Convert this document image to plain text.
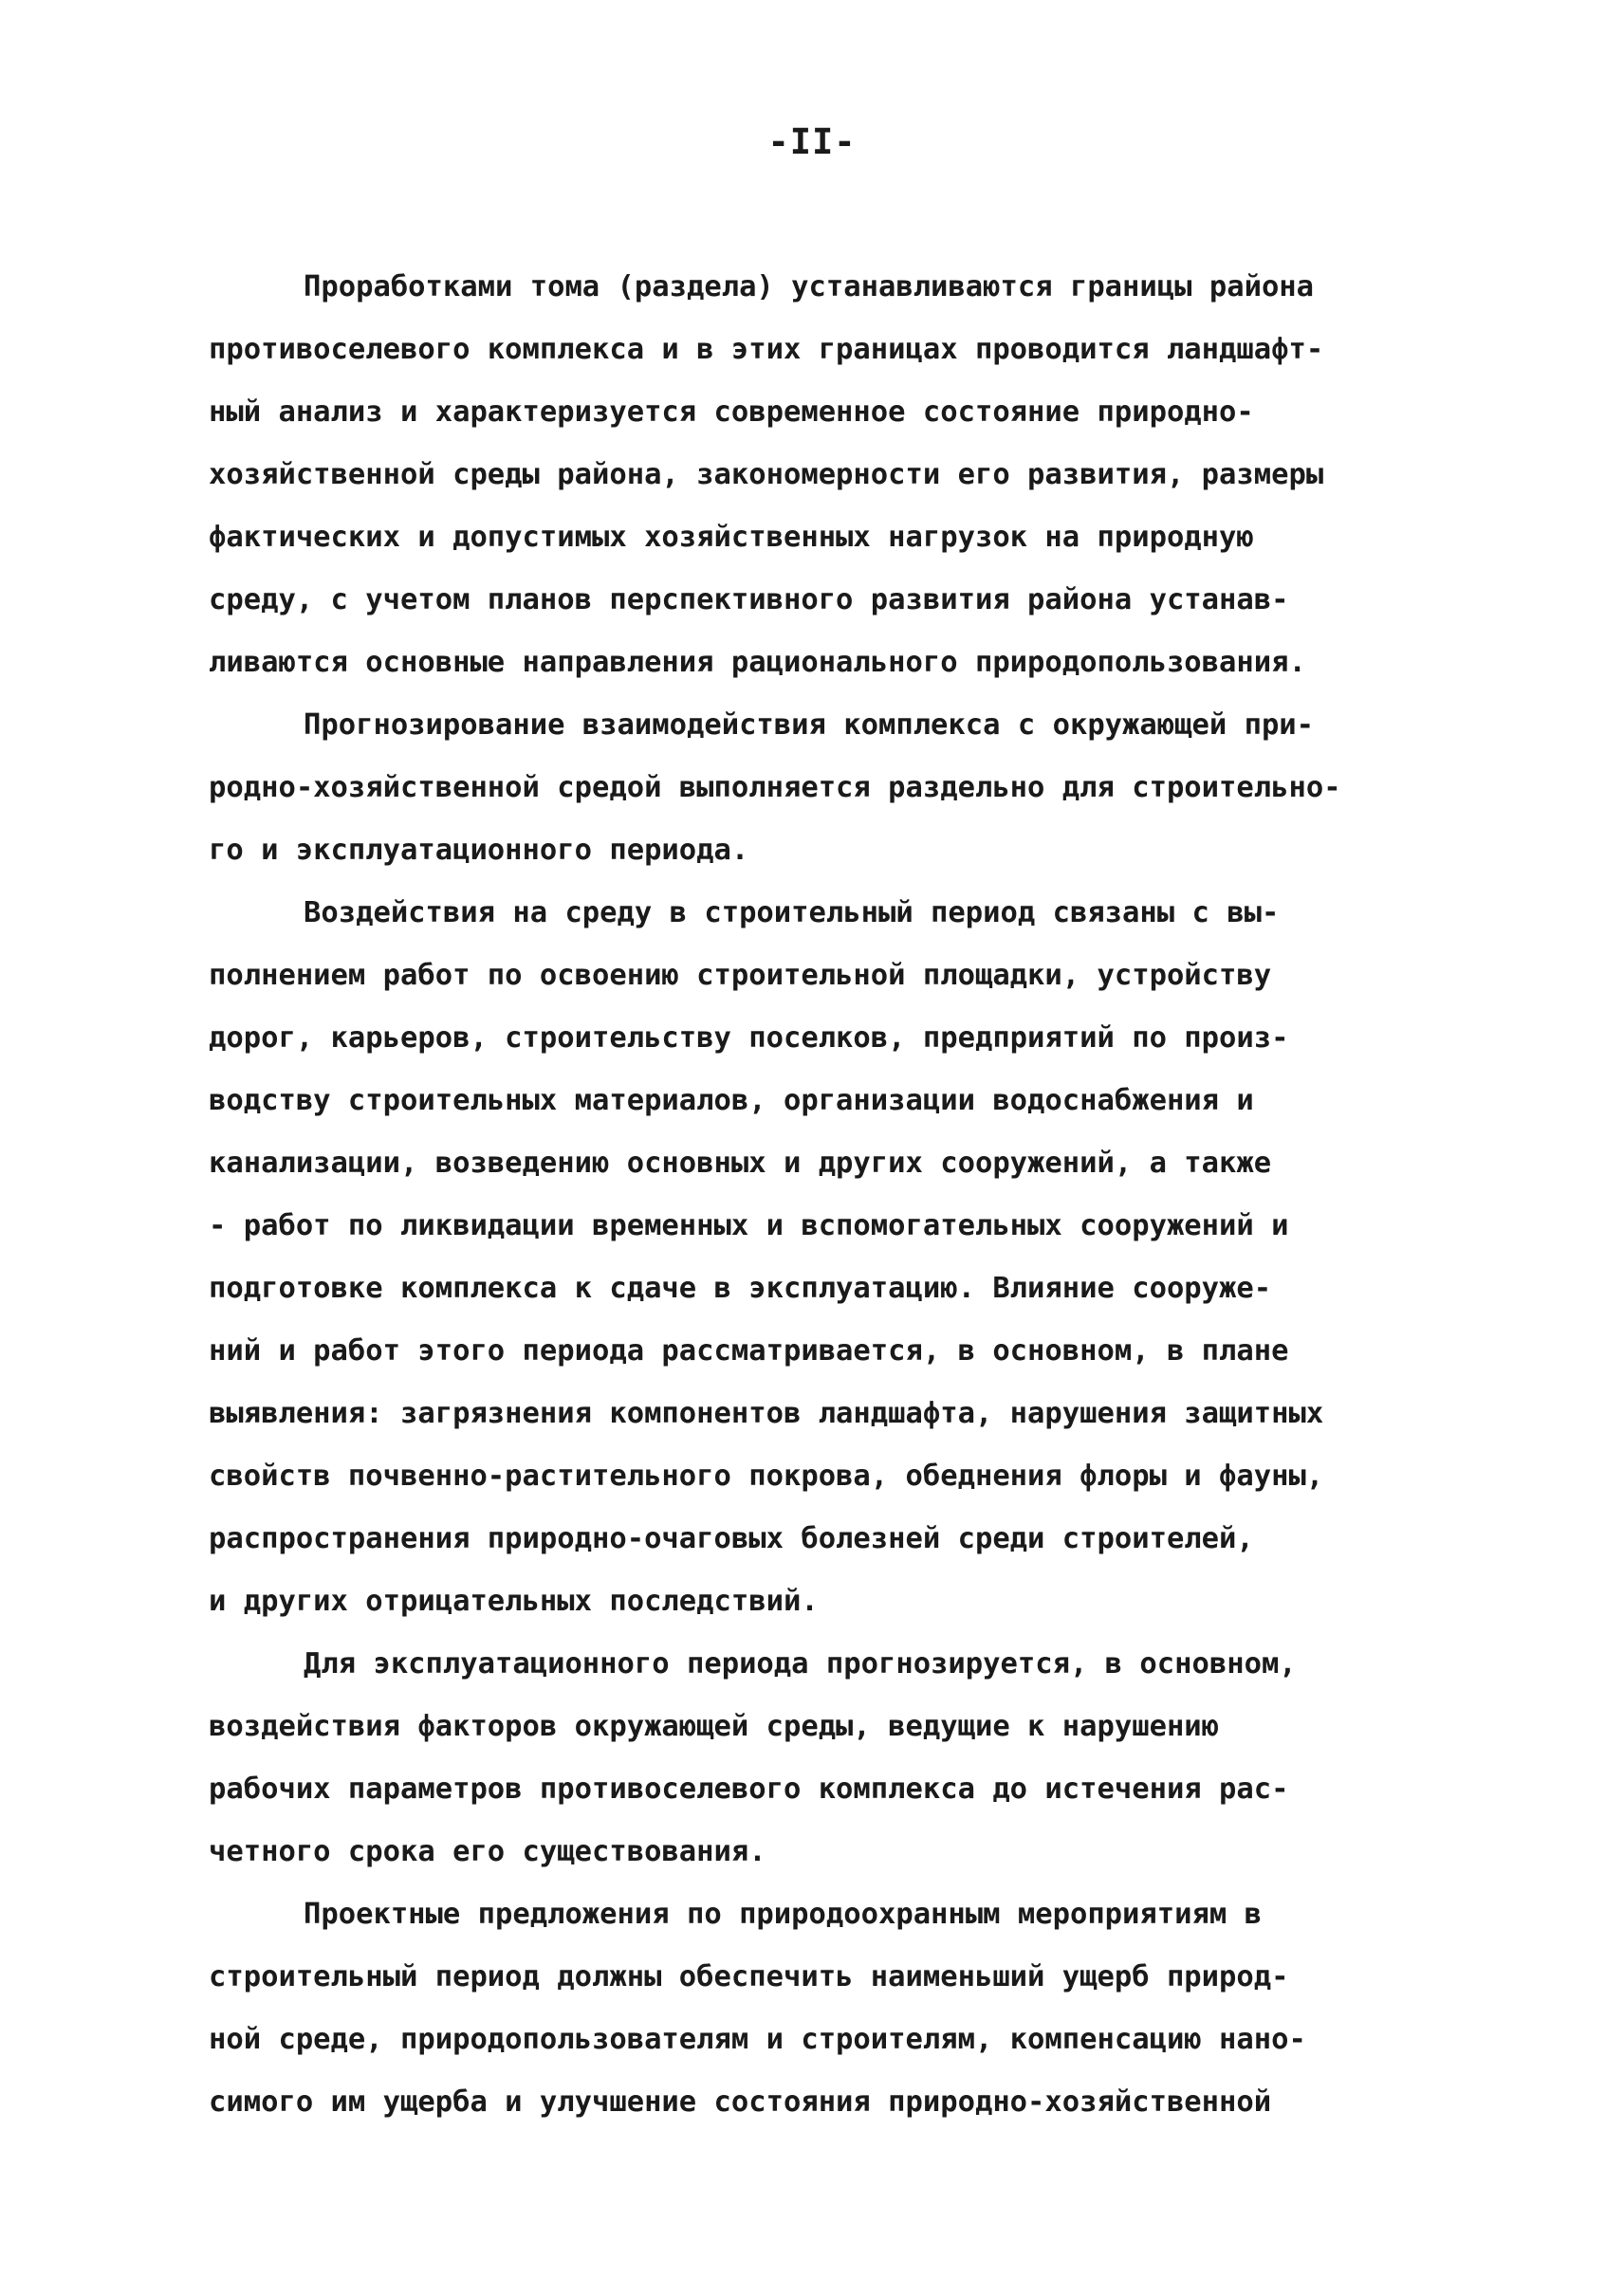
-II-
Проработками тома (раздела) устанавливаются границы района
противоселевого комплекса и в этих границах проводится ландшафт-
ный анализ и характеризуется современное состояние природно-
хозяйственной среды района, закономерности его развития, размеры
фактических и допустимых хозяйственных нагрузок на природную
среду, с учетом планов перспективного развития района устанав-
ливаются основные направления рационального природопользования.
Прогнозирование взаимодействия комплекса с окружающей при-
родно-хозяйственной средой выполняется раздельно для строительно-
го и эксплуатационного периода.
Воздействия на среду в строительный период связаны с вы-
полнением работ по освоению строительной площадки, устройству
дорог, карьеров, строительству поселков, предприятий по произ-
водству строительных материалов, организации водоснабжения и
канализации, возведению основных и других сооружений, а также
- работ по ликвидации временных и вспомогательных сооружений и
подготовке комплекса к сдаче в эксплуатацию. Влияние сооруже-
ний и работ этого периода рассматривается, в основном, в плане
выявления: загрязнения компонентов ландшафта, нарушения защитных
свойств почвенно-растительного покрова, обеднения флоры и фауны,
распространения природно-очаговых болезней среди строителей,
и других отрицательных последствий.
Для эксплуатационного периода прогнозируется, в основном,
воздействия факторов окружающей среды, ведущие к нарушению
рабочих параметров противоселевого комплекса до истечения рас-
четного срока его существования.
Проектные предложения по природоохранным мероприятиям в
строительный период должны обеспечить наименьший ущерб природ-
ной среде, природопользователям и строителям, компенсацию нано-
симого им ущерба и улучшение состояния природно-хозяйственной
